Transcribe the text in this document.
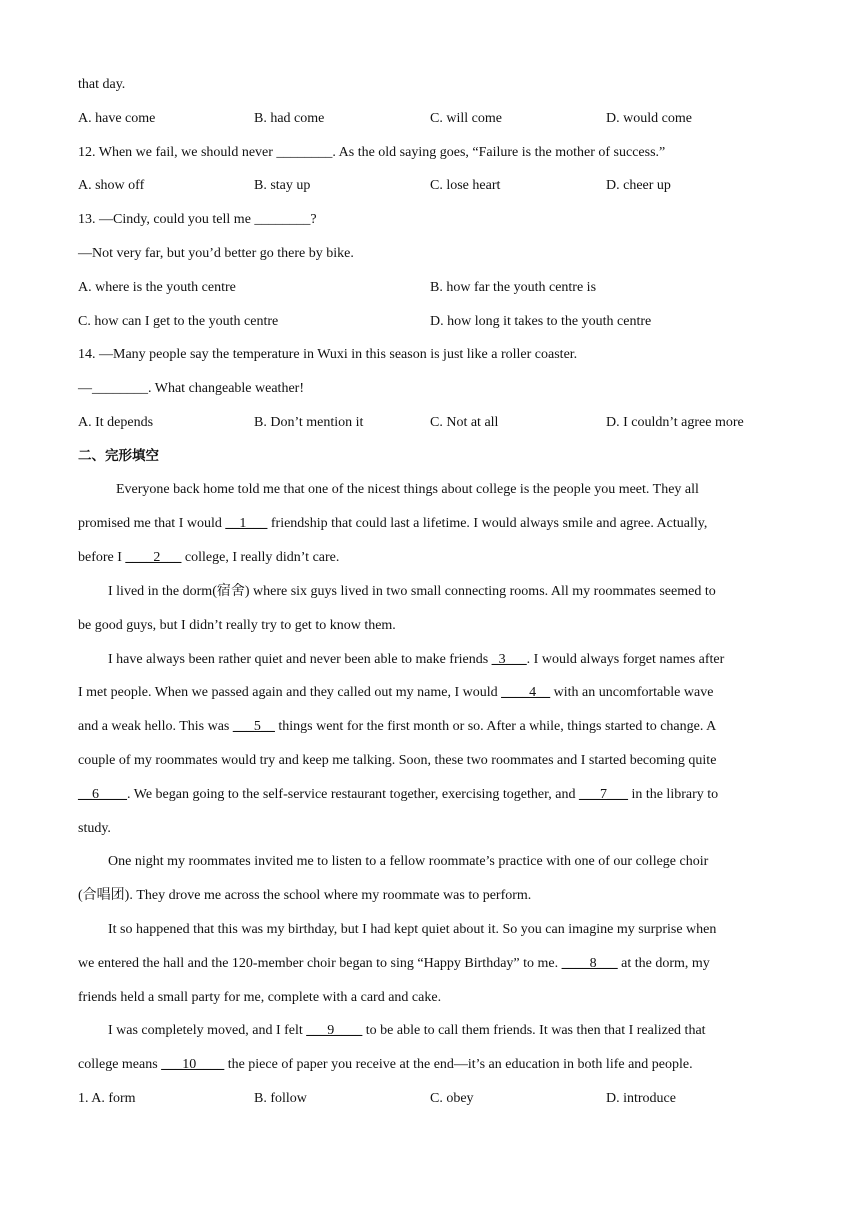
that day.
A. have come	B. had come	C. will come	D. would come
12. When we fail, we should never ________. As the old saying goes, “Failure is the mother of success.”
A. show off	B. stay up	C. lose heart	D. cheer up
13. —Cindy, could you tell me ________?
—Not very far, but you’d better go there by bike.
A. where is the youth centre	B. how far the youth centre is
C. how can I get to the youth centre	D. how long it takes to the youth centre
14. —Many people say the temperature in Wuxi in this season is just like a roller coaster.
—________. What changeable weather!
A. It depends	B. Don’t mention it	C. Not at all	D. I couldn’t agree more
二、完形填空
Everyone back home told me that one of the nicest things about college is the people you meet. They all
promised me that I would __1___ friendship that could last a lifetime. I would always smile and agree. Actually,
before I ____2___ college, I really didn’t care.
I lived in the dorm(宿舍) where six guys lived in two small connecting rooms. All my roommates seemed to
be good guys, but I didn’t really try to get to know them.
I have always been rather quiet and never been able to make friends _3___. I would always forget names after
I met people. When we passed again and they called out my name, I would ____4__ with an uncomfortable wave
and a weak hello. This was ___5__ things went for the first month or so. After a while, things started to change. A
couple of my roommates would try and keep me talking. Soon, these two roommates and I started becoming quite
__6____. We began going to the self-service restaurant together, exercising together, and ___7___ in the library to
study.
One night my roommates invited me to listen to a fellow roommate’s practice with one of our college choir
(合唱团). They drove me across the school where my roommate was to perform.
It so happened that this was my birthday, but I had kept quiet about it. So you can imagine my surprise when
we entered the hall and the 120-member choir began to sing “Happy Birthday” to me. ____8___ at the dorm, my
friends held a small party for me, complete with a card and cake.
I was completely moved, and I felt ___9____ to be able to call them friends. It was then that I realized that
college means ___10____ the piece of paper you receive at the end—it’s an education in both life and people.
1. A. form	B. follow	C. obey	D. introduce
